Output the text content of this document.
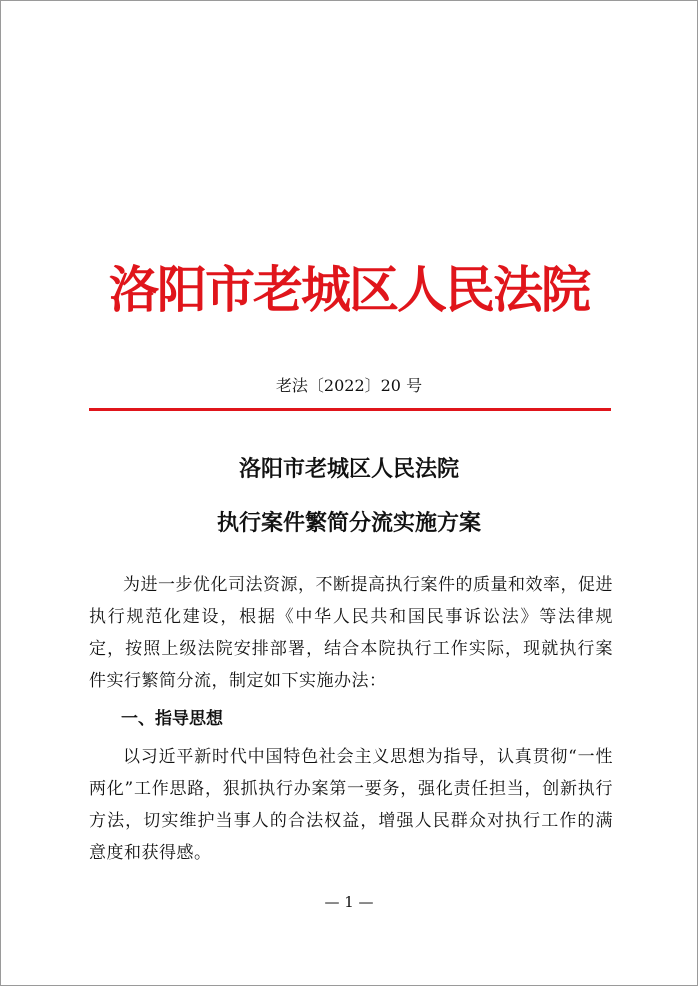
洛阳市老城区人民法院
老法〔2022〕20 号
洛阳市老城区人民法院
执行案件繁简分流实施方案

为进一步优化司法资源，不断提高执行案件的质量和效率，促进执行规范化建设，根据《中华人民共和国民事诉讼法》等法律规定，按照上级法院安排部署，结合本院执行工作实际，现就执行案件实行繁简分流，制定如下实施办法：

一、指导思想

以习近平新时代中国特色社会主义思想为指导，认真贯彻“一性两化”工作思路，狠抓执行办案第一要务，强化责任担当，创新执行方法，切实维护当事人的合法权益，增强人民群众对执行工作的满意度和获得感。

— 1 —
